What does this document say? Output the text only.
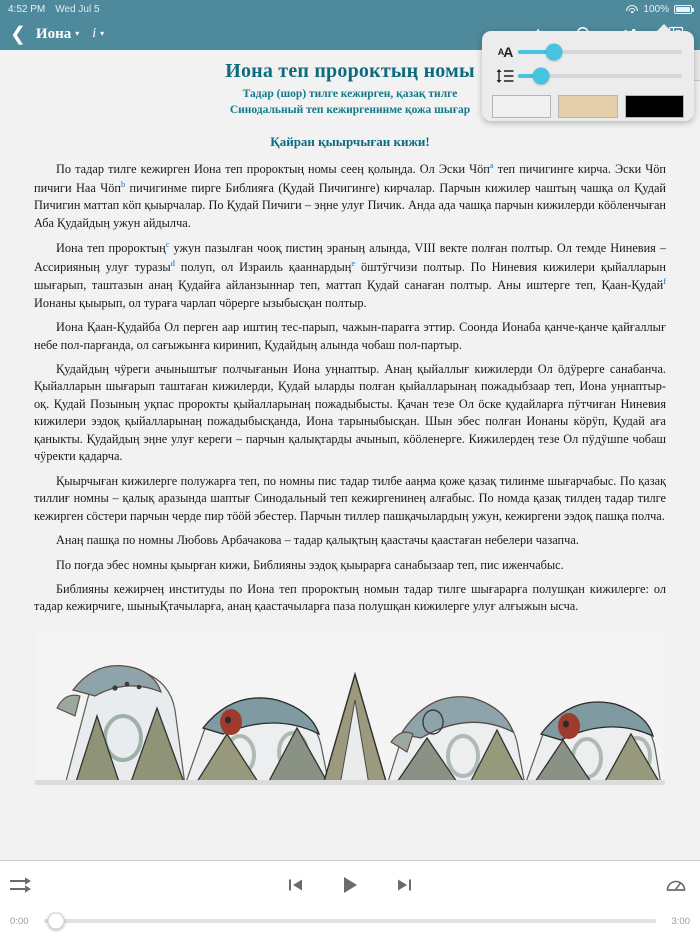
4:52 PM Wed Jul 5	100%
❮ Иона ▾ i ▾
Иона теп пророктың номы
Тадар (шор) тилге кежирген, қазақ тилге
Синодальный теп кежиргенинме қожа шығар
Қайран қыырчыған кижи!

По тадар тилге кежирген Иона теп пророктың номы сееӊ қолыӊда. Ол Эски Чӧп$^a$ теп пичигинге кирча. Эски Чӧп пичиги Наа Чӧп$^b$ пичигинме пирге Библияға (Қудай Пичигинге) кирчалар. Парчын кижилер чаштыӊ чашқа ол Қудай Пичигин маттап кӧп қыырчалар. По Қудай Пичиги – эӊне улуғ Пичик. Анда ада чашқа парчын кижилерди кӧӧленчыған Аба Қудайдыӊ ужун айдылча.

Иона теп пророктың$^c$ ужун пазылған чооқ пистиӊ эраныӊ алында, VIII векте полған полтыр. Ол темде Ниневия – Ассирияныӊ улуғ туразы$^d$ полуп, ол Израиль қааннардыӊ$^e$ ӧштӱгчизи полтыр. По Ниневия кижилери қыйалларын шығарып, таштазын анаӊ Қудайға айланзыннар теп, маттап Қудай санаған полтыр. Аны иштерге теп, Қаан-Қудай$^f$ Ионаны қыырып, ол тураға чарлап чӧрерге ызыбысқан полтыр.

Иона Қаан-Қудайба Ол перген аар иштиӊ тес-парып, чажын-параrға эттир. Соонда Ионаба қанче-қанче қайғаллығ небе пол-парғанда, ол сағыжынға киринип, Қудайдыӊ алында чобаш пол-партыр.

Қудайдыӊ чӱреги ачыныштығ полчығанын Иона уӊнаптыр. Анаӊ қыйаллығ кижилерди Ол ӧдӱрерге санабанча. Қыйалларын шығарып таштаған кижилерди, Қудай ыларды полған қыйалларынаӊ пожадыбзаар теп, Иона уӊнаптыр-оқ. Қудай Позыныӊ уқпас пророкты қыйалларынаӊ пожадыбысты. Қачан тезе Ол ӧске қудайларға пӱтчиған Ниневия кижилери ээдоқ қыйалларынаӊ пожадыбысқанда, Иона тарыныбысқан. Шын эбес полған Ионаны кӧрӱп, Қудай аға қаныкты. Қудайдыӊ эӊне улуғ кереги – парчын қалықтарды ачынып, кӧӧленерге. Кижилердеӊ тезе Ол пӱдӱшпе чобаш чӱректи қадарча.

Қыырчыған кижилерге полужарға теп, по номны пис тадар тилбе ааӊма қоже қазақ тилинме шығарчабыс. По қазақ тиллиғ номны – қалық аразында шаптығ Синодальный теп кежиргенинеӊ алғабыс. По номда қазақ тилдеӊ тадар тилге кежирген сӧстери парчын черде пир тӧӧй эбестер. Парчын тиллер пашқачылардыӊ ужун, кежиргени ээдоқ пашқа полча.

Анаӊ пашқа по номны Любовь Арбачакова – тадар қалықтыӊ қаастачы қаастаған небелери чазапча.

По поғда эбес номны қыырған кижи, Библияны ээдоқ қыырарға санабызаар теп, пис иженчабыс.

Библияны кежирчеӊ институды по Иона теп пророктың номын тадар тилге шығарарға полушқан кижилерге: ол тадар кежирчиге, шыныҚтачыларға, анаӊ қаастачыларға паза полушқан кижилерге улуғ алғыжын ысча.

A A
0:00	3:00
